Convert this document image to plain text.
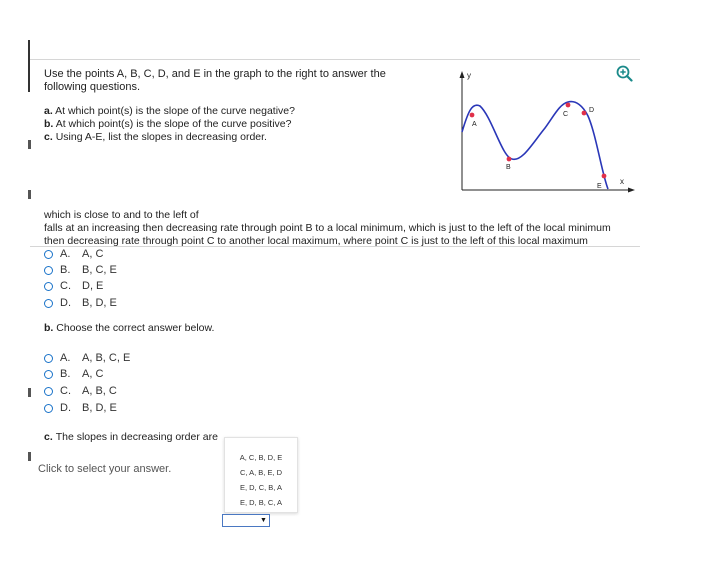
Use the points A, B, C, D, and E in the graph to the right to answer the
following questions.
a. At which point(s) is the slope of the curve negative?
b. At which point(s) is the slope of the curve positive?
c. Using A-E, list the slopes in decreasing order.
y
x
A
B
C
D
E
which is close to and to the left of
falls at an increasing then decreasing rate through point B to a local minimum, which is just to the left of the local minimum
then decreasing rate through point C to another local maximum, where point C is just to the left of this local maximum
A.	A, C
B.	B, C, E
C.	D, E
D.	B, D, E
b. Choose the correct answer below.
A.	A, B, C, E
B.	A, C
C.	A, B, C
D.	B, D, E
c. The slopes in decreasing order are
Click to select your answer.
A, C, B, D, E
C, A, B, E, D
E, D, C, B, A
E, D, B, C, A
▼
